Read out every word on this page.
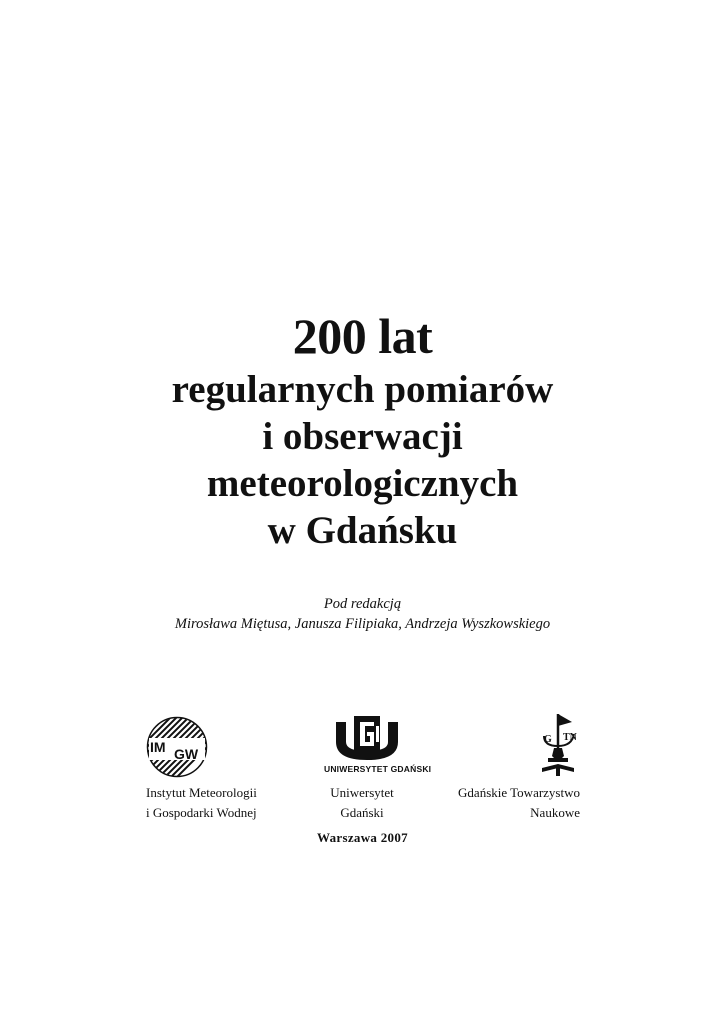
200 lat
regularnych pomiarów
i obserwacji
meteorologicznych
w Gdańsku
Pod redakcją
Mirosława Miętusa, Janusza Filipiaka, Andrzeja Wyszkowskiego
IM GW
UNIWERSYTET GDAŃSKI
G TN
Instytut Meteorologii
i Gospodarki Wodnej
Uniwersytet
Gdański
Gdańskie Towarzystwo
Naukowe
Warszawa 2007
